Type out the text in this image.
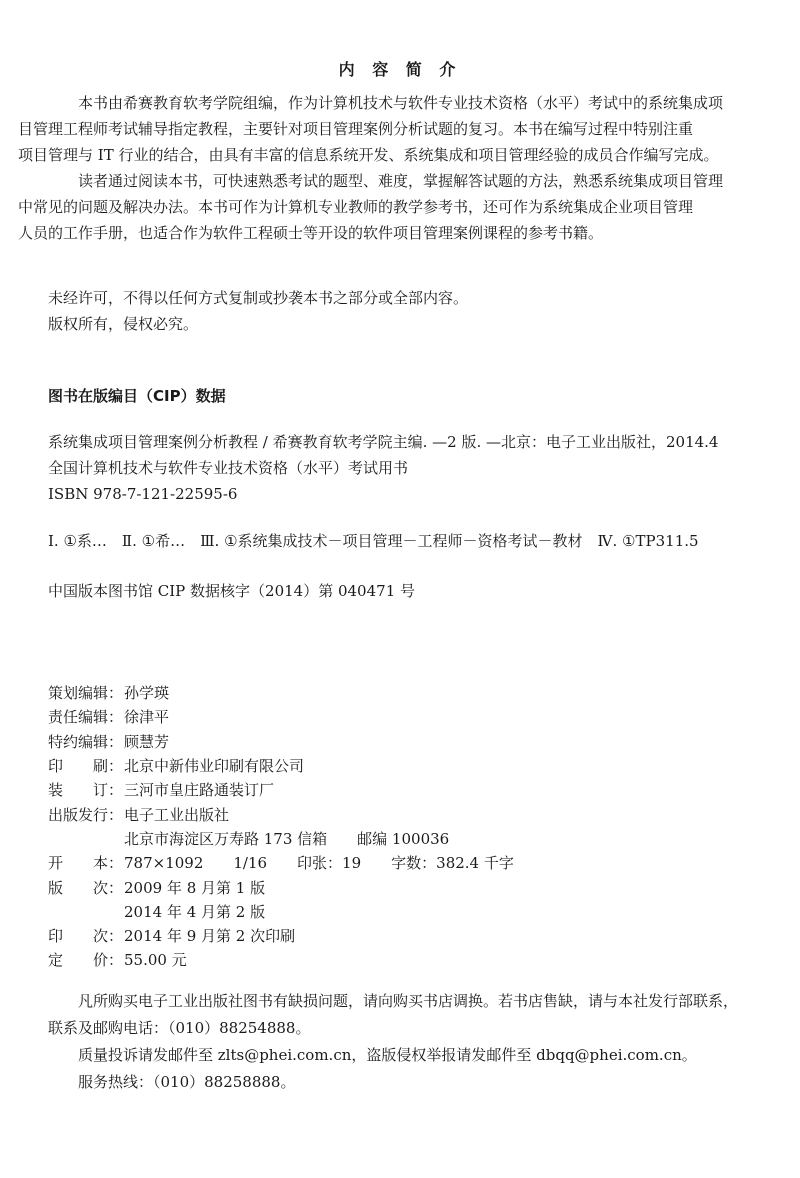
内 容 简 介

本书由希赛教育软考学院组编，作为计算机技术与软件专业技术资格（水平）考试中的系统集成项
目管理工程师考试辅导指定教程，主要针对项目管理案例分析试题的复习。本书在编写过程中特别注重
项目管理与 IT 行业的结合，由具有丰富的信息系统开发、系统集成和项目管理经验的成员合作编写完成。

读者通过阅读本书，可快速熟悉考试的题型、难度，掌握解答试题的方法，熟悉系统集成项目管理
中常见的问题及解决办法。本书可作为计算机专业教师的教学参考书，还可作为系统集成企业项目管理
人员的工作手册，也适合作为软件工程硕士等开设的软件项目管理案例课程的参考书籍。

未经许可，不得以任何方式复制或抄袭本书之部分或全部内容。
版权所有，侵权必究。
图书在版编目（CIP）数据
系统集成项目管理案例分析教程 / 希赛教育软考学院主编. —2 版. —北京：电子工业出版社，2014.4
全国计算机技术与软件专业技术资格（水平）考试用书
ISBN 978-7-121-22595-6
Ⅰ. ①系…　Ⅱ. ①希…　Ⅲ. ①系统集成技术－项目管理－工程师－资格考试－教材　Ⅳ. ①TP311.5
中国版本图书馆 CIP 数据核字（2014）第 040471 号
策划编辑： 孙学瑛
责任编辑： 徐津平
特约编辑： 顾慧芳
印　　刷： 北京中新伟业印刷有限公司
装　　订： 三河市皇庄路通装订厂
出版发行： 电子工业出版社
北京市海淀区万寿路 173 信箱　　邮编 100036
开　　本： 787×1092　　1/16　　印张：19　　字数：382.4 千字
版　　次： 2009 年 8 月第 1 版
2014 年 4 月第 2 版
印　　次： 2014 年 9 月第 2 次印刷
定　　价： 55.00 元
凡所购买电子工业出版社图书有缺损问题，请向购买书店调换。若书店售缺，请与本社发行部联系，
联系及邮购电话：（010）88254888。
质量投诉请发邮件至 zlts@phei.com.cn，盗版侵权举报请发邮件至 dbqq@phei.com.cn。
服务热线：（010）88258888。
